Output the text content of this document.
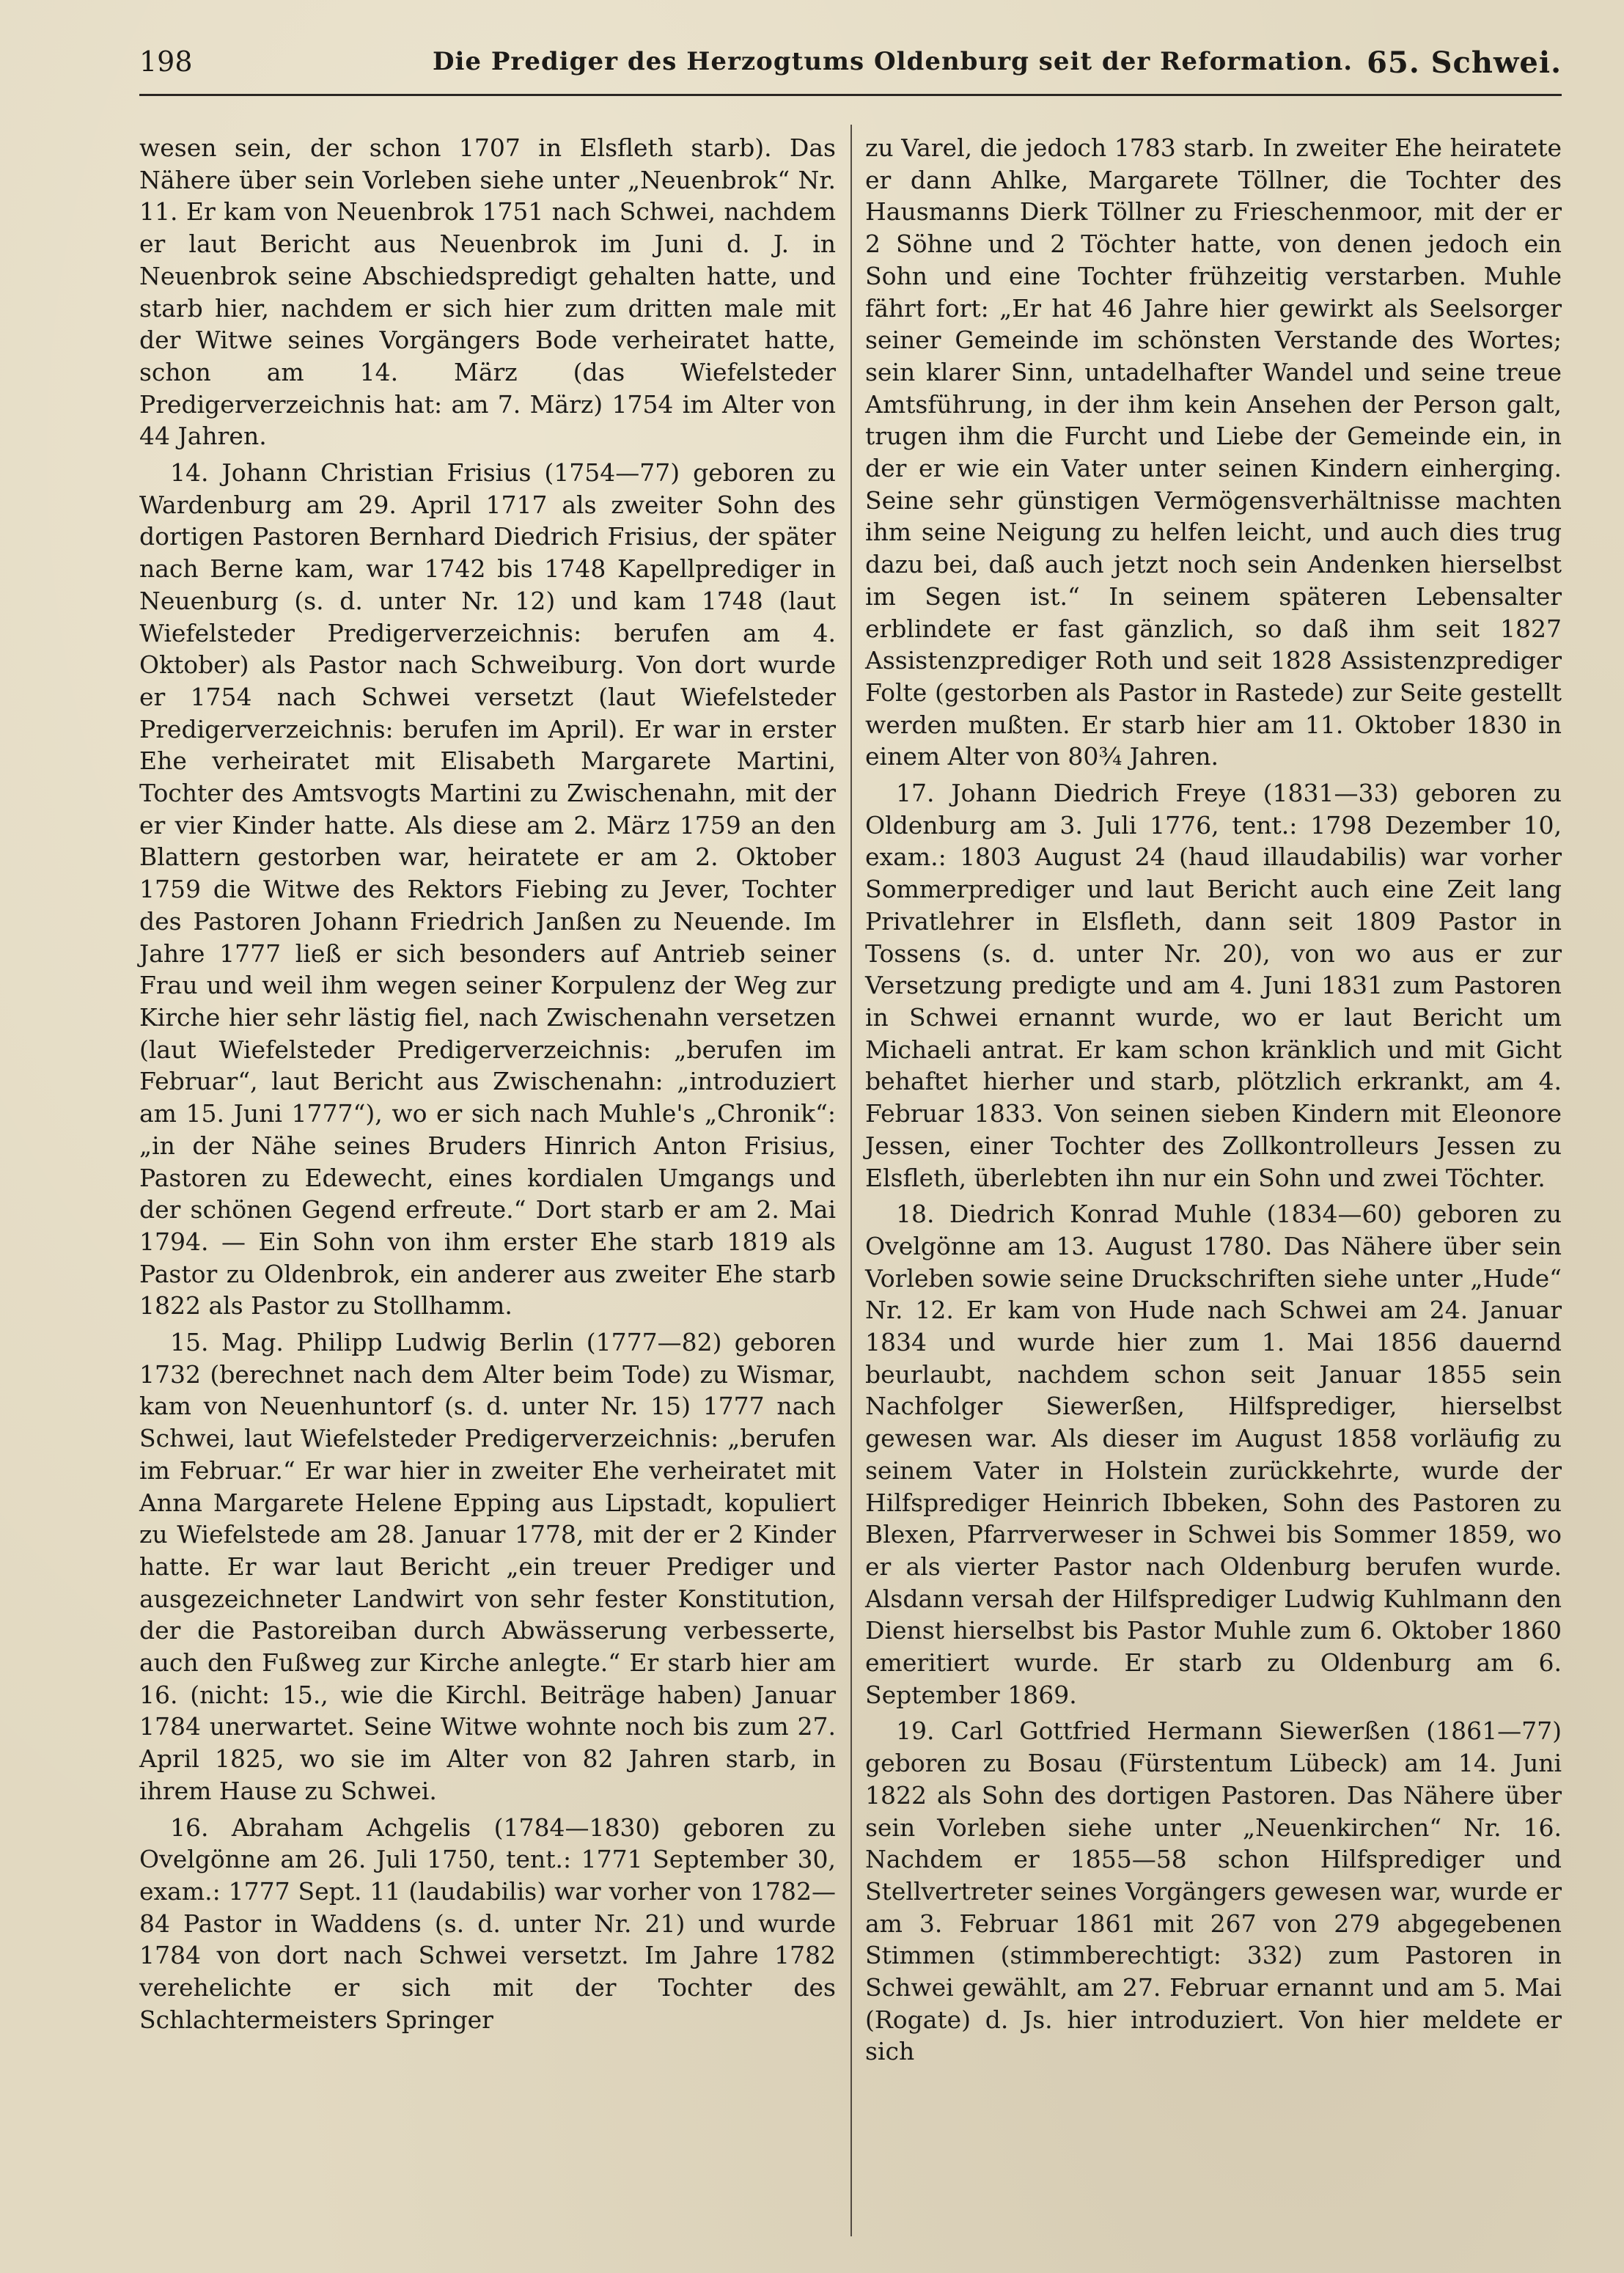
198	Die Prediger des Herzogtums Oldenburg seit der Reformation. 65. Schwei.

wesen sein, der schon 1707 in Elsfleth starb). Das Nähere über sein Vorleben siehe unter „Neuenbrok“ Nr. 11. Er kam von Neuenbrok 1751 nach Schwei, nachdem er laut Bericht aus Neuenbrok im Juni d. J. in Neuenbrok seine Abschiedspredigt gehalten hatte, und starb hier, nachdem er sich hier zum dritten male mit der Witwe seines Vorgängers Bode verheiratet hatte, schon am 14. März (das Wiefelsteder Predigerverzeichnis hat: am 7. März) 1754 im Alter von 44 Jahren.

14. Johann Christian Frisius (1754—77) geboren zu Wardenburg am 29. April 1717 als zweiter Sohn des dortigen Pastoren Bernhard Diedrich Frisius, der später nach Berne kam, war 1742 bis 1748 Kapellprediger in Neuenburg (s. d. unter Nr. 12) und kam 1748 (laut Wiefelsteder Predigerverzeichnis: berufen am 4. Oktober) als Pastor nach Schweiburg. Von dort wurde er 1754 nach Schwei versetzt (laut Wiefelsteder Predigerverzeichnis: berufen im April). Er war in erster Ehe verheiratet mit Elisabeth Margarete Martini, Tochter des Amtsvogts Martini zu Zwischenahn, mit der er vier Kinder hatte. Als diese am 2. März 1759 an den Blattern gestorben war, heiratete er am 2. Oktober 1759 die Witwe des Rektors Fiebing zu Jever, Tochter des Pastoren Johann Friedrich Janßen zu Neuende. Im Jahre 1777 ließ er sich besonders auf Antrieb seiner Frau und weil ihm wegen seiner Korpulenz der Weg zur Kirche hier sehr lästig fiel, nach Zwischenahn versetzen (laut Wiefelsteder Predigerverzeichnis: „berufen im Februar“, laut Bericht aus Zwischenahn: „introduziert am 15. Juni 1777“), wo er sich nach Muhle's „Chronik“: „in der Nähe seines Bruders Hinrich Anton Frisius, Pastoren zu Edewecht, eines kordialen Umgangs und der schönen Gegend erfreute.“ Dort starb er am 2. Mai 1794. — Ein Sohn von ihm erster Ehe starb 1819 als Pastor zu Oldenbrok, ein anderer aus zweiter Ehe starb 1822 als Pastor zu Stollhamm.

15. Mag. Philipp Ludwig Berlin (1777—82) geboren 1732 (berechnet nach dem Alter beim Tode) zu Wismar, kam von Neuenhuntorf (s. d. unter Nr. 15) 1777 nach Schwei, laut Wiefelsteder Predigerverzeichnis: „berufen im Februar.“ Er war hier in zweiter Ehe verheiratet mit Anna Margarete Helene Epping aus Lipstadt, kopuliert zu Wiefelstede am 28. Januar 1778, mit der er 2 Kinder hatte. Er war laut Bericht „ein treuer Prediger und ausgezeichneter Landwirt von sehr fester Konstitution, der die Pastoreiban durch Abwässerung verbesserte, auch den Fußweg zur Kirche anlegte.“ Er starb hier am 16. (nicht: 15., wie die Kirchl. Beiträge haben) Januar 1784 unerwartet. Seine Witwe wohnte noch bis zum 27. April 1825, wo sie im Alter von 82 Jahren starb, in ihrem Hause zu Schwei.

16. Abraham Achgelis (1784—1830) geboren zu Ovelgönne am 26. Juli 1750, tent.: 1771 September 30, exam.: 1777 Sept. 11 (laudabilis) war vorher von 1782—84 Pastor in Waddens (s. d. unter Nr. 21) und wurde 1784 von dort nach Schwei versetzt. Im Jahre 1782 verehelichte er sich mit der Tochter des Schlachtermeisters Springer

zu Varel, die jedoch 1783 starb. In zweiter Ehe heiratete er dann Ahlke, Margarete Töllner, die Tochter des Hausmanns Dierk Töllner zu Frieschenmoor, mit der er 2 Söhne und 2 Töchter hatte, von denen jedoch ein Sohn und eine Tochter frühzeitig verstarben. Muhle fährt fort: „Er hat 46 Jahre hier gewirkt als Seelsorger seiner Gemeinde im schönsten Verstande des Wortes; sein klarer Sinn, untadelhafter Wandel und seine treue Amtsführung, in der ihm kein Ansehen der Person galt, trugen ihm die Furcht und Liebe der Gemeinde ein, in der er wie ein Vater unter seinen Kindern einherging. Seine sehr günstigen Vermögensverhältnisse machten ihm seine Neigung zu helfen leicht, und auch dies trug dazu bei, daß auch jetzt noch sein Andenken hierselbst im Segen ist.“ In seinem späteren Lebensalter erblindete er fast gänzlich, so daß ihm seit 1827 Assistenzprediger Roth und seit 1828 Assistenzprediger Folte (gestorben als Pastor in Rastede) zur Seite gestellt werden mußten. Er starb hier am 11. Oktober 1830 in einem Alter von 80¾ Jahren.

17. Johann Diedrich Freye (1831—33) geboren zu Oldenburg am 3. Juli 1776, tent.: 1798 Dezember 10, exam.: 1803 August 24 (haud illaudabilis) war vorher Sommerprediger und laut Bericht auch eine Zeit lang Privatlehrer in Elsfleth, dann seit 1809 Pastor in Tossens (s. d. unter Nr. 20), von wo aus er zur Versetzung predigte und am 4. Juni 1831 zum Pastoren in Schwei ernannt wurde, wo er laut Bericht um Michaeli antrat. Er kam schon kränklich und mit Gicht behaftet hierher und starb, plötzlich erkrankt, am 4. Februar 1833. Von seinen sieben Kindern mit Eleonore Jessen, einer Tochter des Zollkontrolleurs Jessen zu Elsfleth, überlebten ihn nur ein Sohn und zwei Töchter.

18. Diedrich Konrad Muhle (1834—60) geboren zu Ovelgönne am 13. August 1780. Das Nähere über sein Vorleben sowie seine Druckschriften siehe unter „Hude“ Nr. 12. Er kam von Hude nach Schwei am 24. Januar 1834 und wurde hier zum 1. Mai 1856 dauernd beurlaubt, nachdem schon seit Januar 1855 sein Nachfolger Siewerßen, Hilfsprediger, hierselbst gewesen war. Als dieser im August 1858 vorläufig zu seinem Vater in Holstein zurückkehrte, wurde der Hilfsprediger Heinrich Ibbeken, Sohn des Pastoren zu Blexen, Pfarrverweser in Schwei bis Sommer 1859, wo er als vierter Pastor nach Oldenburg berufen wurde. Alsdann versah der Hilfsprediger Ludwig Kuhlmann den Dienst hierselbst bis Pastor Muhle zum 6. Oktober 1860 emeritiert wurde. Er starb zu Oldenburg am 6. September 1869.

19. Carl Gottfried Hermann Siewerßen (1861—77) geboren zu Bosau (Fürstentum Lübeck) am 14. Juni 1822 als Sohn des dortigen Pastoren. Das Nähere über sein Vorleben siehe unter „Neuenkirchen“ Nr. 16. Nachdem er 1855—58 schon Hilfsprediger und Stellvertreter seines Vorgängers gewesen war, wurde er am 3. Februar 1861 mit 267 von 279 abgegebenen Stimmen (stimmberechtigt: 332) zum Pastoren in Schwei gewählt, am 27. Februar ernannt und am 5. Mai (Rogate) d. Js. hier introduziert. Von hier meldete er sich
